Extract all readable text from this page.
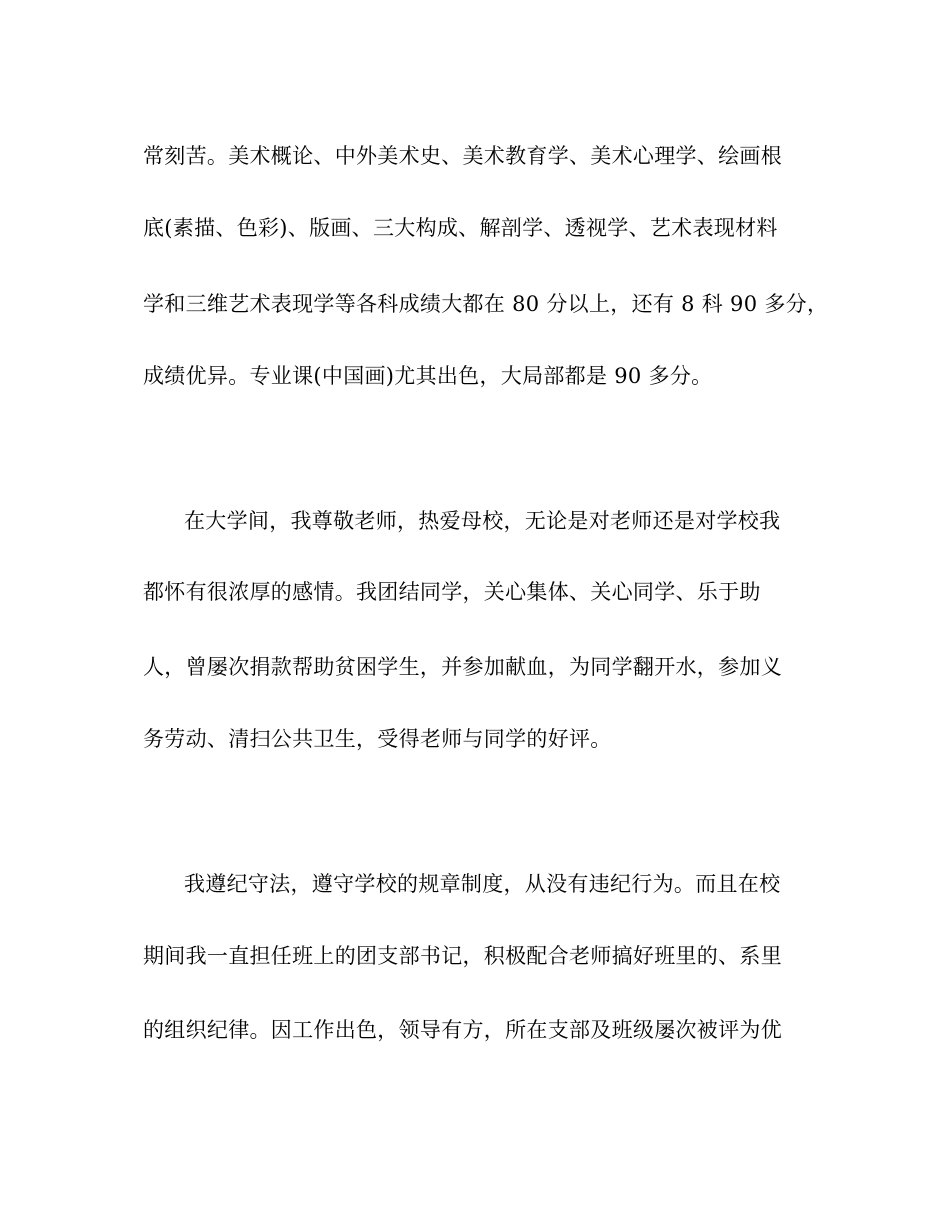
常刻苦。美术概论、中外美术史、美术教育学、美术心理学、绘画根
底(素描、色彩)、版画、三大构成、解剖学、透视学、艺术表现材料
学和三维艺术表现学等各科成绩大都在 80 分以上，还有 8 科 90 多分，
成绩优异。专业课(中国画)尤其出色，大局部都是 90 多分。
在大学间，我尊敬老师，热爱母校，无论是对老师还是对学校我
都怀有很浓厚的感情。我团结同学，关心集体、关心同学、乐于助
人，曾屡次捐款帮助贫困学生，并参加献血，为同学翻开水，参加义
务劳动、清扫公共卫生，受得老师与同学的好评。
我遵纪守法，遵守学校的规章制度，从没有违纪行为。而且在校
期间我一直担任班上的团支部书记，积极配合老师搞好班里的、系里
的组织纪律。因工作出色，领导有方，所在支部及班级屡次被评为优
